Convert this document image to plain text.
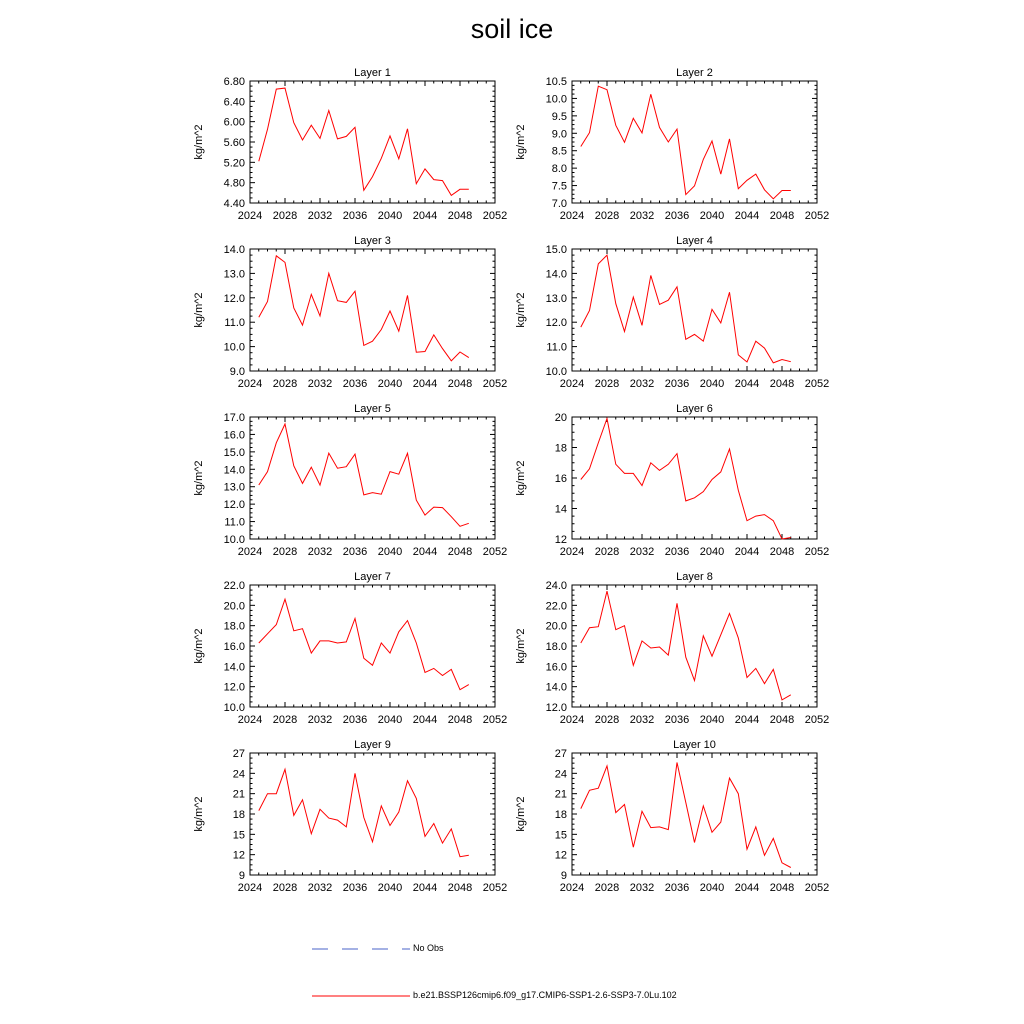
soil ice
Layer 1
kg/m^2
2024 2028 2032 2036 2040 2044 2048 2052
4.40
4.80
5.20
5.60
6.00
6.40
6.80
Layer 2
kg/m^2
2024 2028 2032 2036 2040 2044 2048 2052
7.0
7.5
8.0
8.5
9.0
9.5
10.0
10.5
Layer 3
kg/m^2
2024 2028 2032 2036 2040 2044 2048 2052
9.0
10.0
11.0
12.0
13.0
14.0
Layer 4
kg/m^2
2024 2028 2032 2036 2040 2044 2048 2052
10.0
11.0
12.0
13.0
14.0
15.0
Layer 5
kg/m^2
2024 2028 2032 2036 2040 2044 2048 2052
10.0
11.0
12.0
13.0
14.0
15.0
16.0
17.0
Layer 6
kg/m^2
2024 2028 2032 2036 2040 2044 2048 2052
12
14
16
18
20
Layer 7
kg/m^2
2024 2028 2032 2036 2040 2044 2048 2052
10.0
12.0
14.0
16.0
18.0
20.0
22.0
Layer 8
kg/m^2
2024 2028 2032 2036 2040 2044 2048 2052
12.0
14.0
16.0
18.0
20.0
22.0
24.0
Layer 9
kg/m^2
2024 2028 2032 2036 2040 2044 2048 2052
9
12
15
18
21
24
27
Layer 10
kg/m^2
2024 2028 2032 2036 2040 2044 2048 2052
9
12
15
18
21
24
27
No Obs
b.e21.BSSP126cmip6.f09_g17.CMIP6-SSP1-2.6-SSP3-7.0Lu.102
